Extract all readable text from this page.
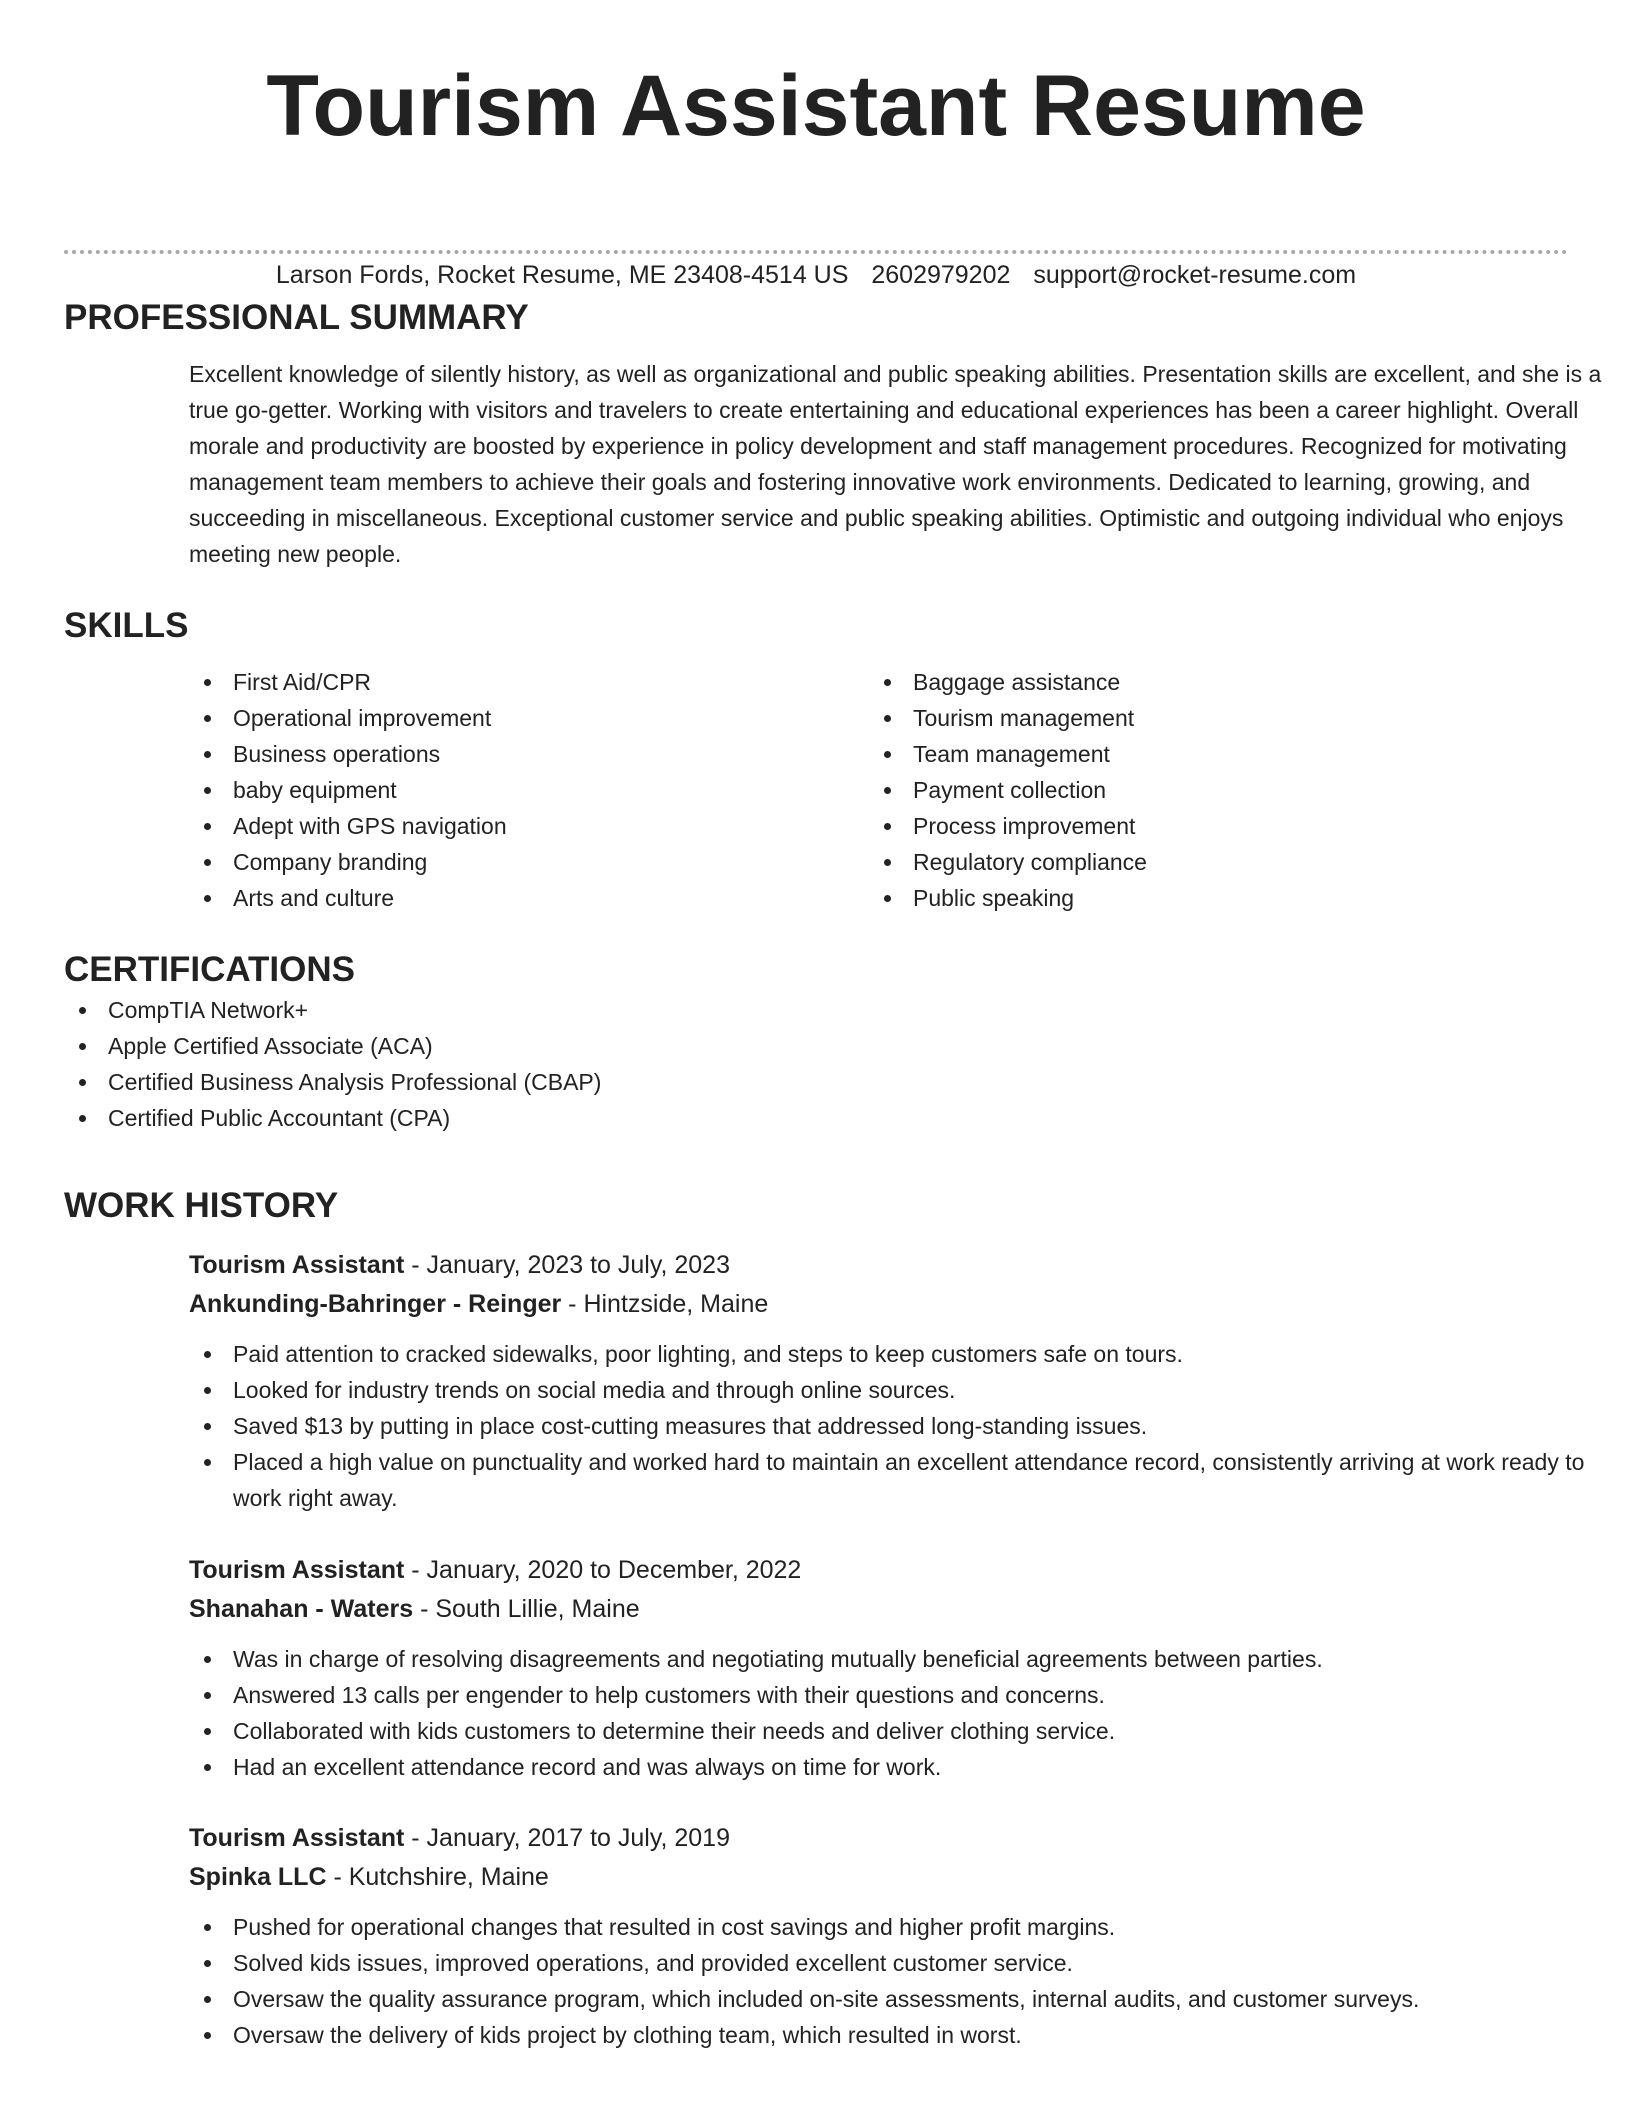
Tourism Assistant Resume
Larson Fords, Rocket Resume, ME 23408-4514 US 2602979202 support@rocket-resume.com
PROFESSIONAL SUMMARY

Excellent knowledge of silently history, as well as organizational and public speaking abilities. Presentation skills are excellent, and she is a true go-getter. Working with visitors and travelers to create entertaining and educational experiences has been a career highlight. Overall morale and productivity are boosted by experience in policy development and staff management procedures. Recognized for motivating management team members to achieve their goals and fostering innovative work environments. Dedicated to learning, growing, and succeeding in miscellaneous. Exceptional customer service and public speaking abilities. Optimistic and outgoing individual who enjoys meeting new people.

SKILLS
First Aid/CPR
Operational improvement
Business operations
baby equipment
Adept with GPS navigation
Company branding
Arts and culture
Baggage assistance
Tourism management
Team management
Payment collection
Process improvement
Regulatory compliance
Public speaking
CERTIFICATIONS
CompTIA Network+
Apple Certified Associate (ACA)
Certified Business Analysis Professional (CBAP)
Certified Public Accountant (CPA)
WORK HISTORY
Tourism Assistant - January, 2023 to July, 2023
Ankunding-Bahringer - Reinger - Hintzside, Maine
Paid attention to cracked sidewalks, poor lighting, and steps to keep customers safe on tours.
Looked for industry trends on social media and through online sources.
Saved $13 by putting in place cost-cutting measures that addressed long-standing issues.
Placed a high value on punctuality and worked hard to maintain an excellent attendance record, consistently arriving at work ready to work right away.
Tourism Assistant - January, 2020 to December, 2022
Shanahan - Waters - South Lillie, Maine
Was in charge of resolving disagreements and negotiating mutually beneficial agreements between parties.
Answered 13 calls per engender to help customers with their questions and concerns.
Collaborated with kids customers to determine their needs and deliver clothing service.
Had an excellent attendance record and was always on time for work.
Tourism Assistant - January, 2017 to July, 2019
Spinka LLC - Kutchshire, Maine
Pushed for operational changes that resulted in cost savings and higher profit margins.
Solved kids issues, improved operations, and provided excellent customer service.
Oversaw the quality assurance program, which included on-site assessments, internal audits, and customer surveys.
Oversaw the delivery of kids project by clothing team, which resulted in worst.
